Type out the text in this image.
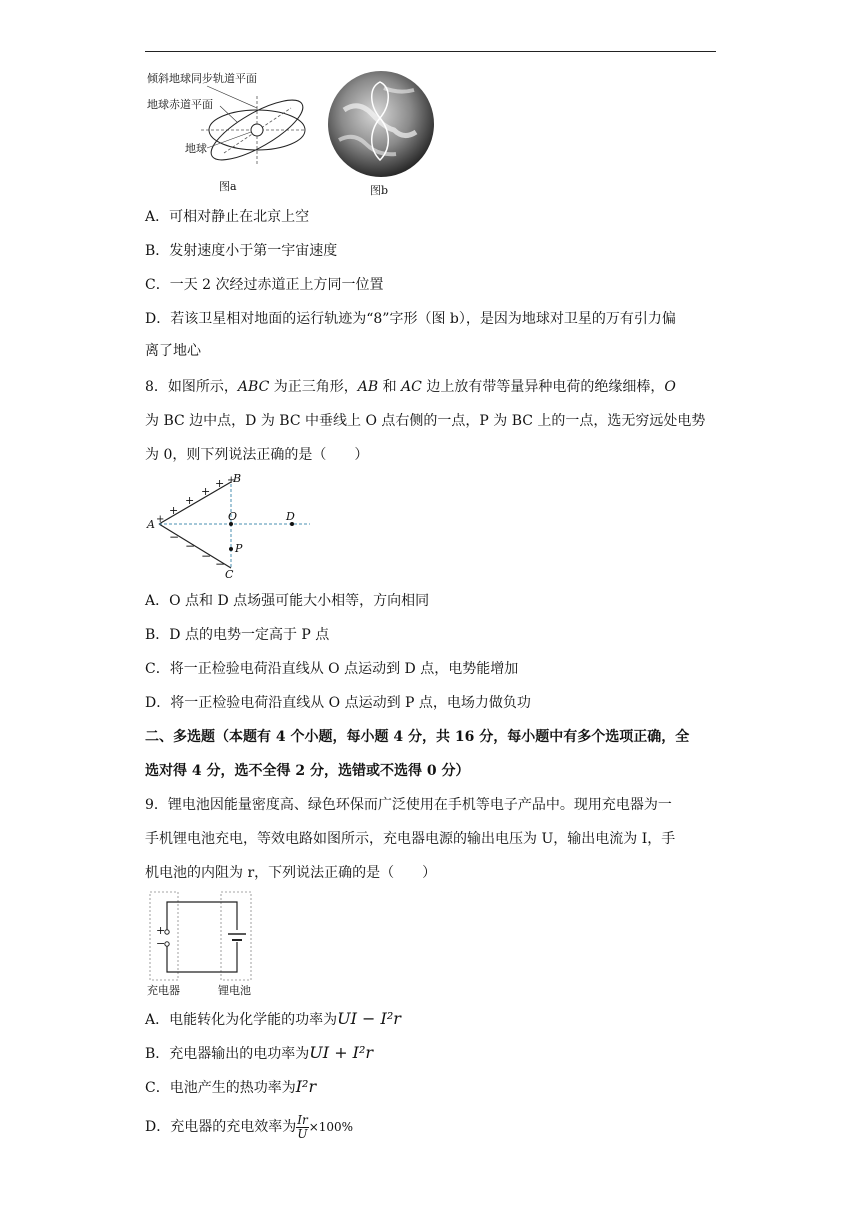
倾斜地球同步轨道平面
地球赤道平面
地球
图a	图b
A．可相对静止在北京上空
B．发射速度小于第一宇宙速度
C．一天 2 次经过赤道正上方同一位置
D．若该卫星相对地面的运行轨迹为“8”字形（图 b），是因为地球对卫星的万有引力偏
离了地心
8．如图所示，ABC 为正三角形，AB 和 AC 边上放有带等量异种电荷的绝缘细棒，O
为 BC 边中点，D 为 BC 中垂线上 O 点右侧的一点，P 为 BC 上的一点，选无穷远处电势
为 0，则下列说法正确的是（　　）
+
+
+
+ +
+
−
−
−
−
A
B
C
O	D
P
A．O 点和 D 点场强可能大小相等，方向相同
B．D 点的电势一定高于 P 点
C．将一正检验电荷沿直线从 O 点运动到 D 点，电势能增加
D．将一正检验电荷沿直线从 O 点运动到 P 点，电场力做负功
二、多选题（本题有 4 个小题，每小题 4 分，共 16 分，每小题中有多个选项正确，全
选对得 4 分，选不全得 2 分，选错或不选得 0 分）
9．锂电池因能量密度高、绿色环保而广泛使用在手机等电子产品中。现用充电器为一
手机锂电池充电，等效电路如图所示，充电器电源的输出电压为 U，输出电流为 I，手
机电池的内阻为 r，下列说法正确的是（　　）
+
−
充电器	锂电池
A．电能转化为化学能的功率为UI − I²r
B．充电器输出的电功率为UI + I²r
C．电池产生的热功率为I²r
D．充电器的充电效率为 $\frac{Ir}{U} \times 100\%$
